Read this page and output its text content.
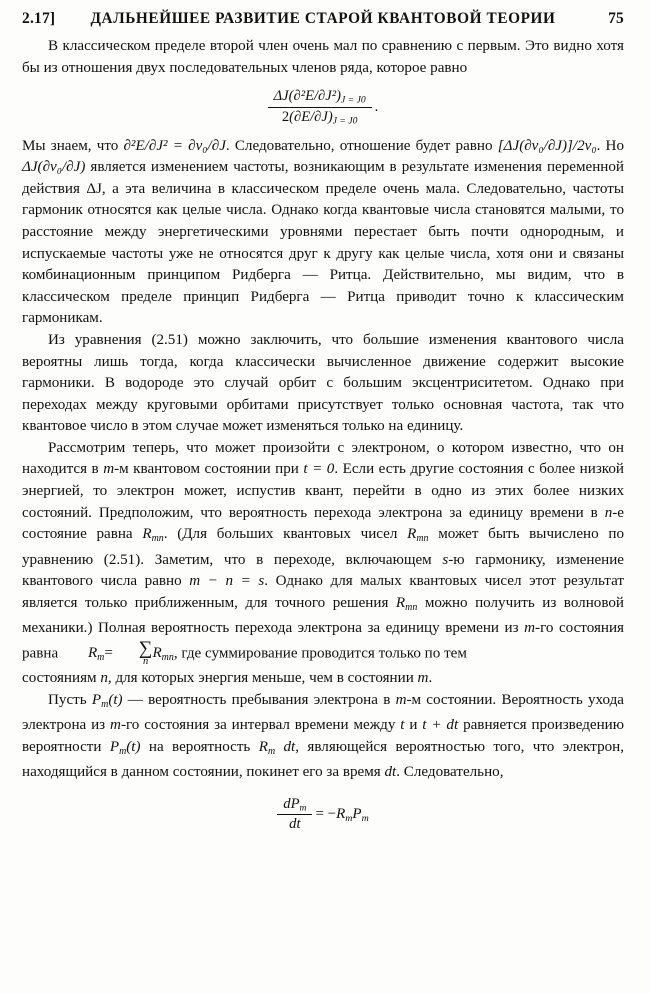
2.17]	ДАЛЬНЕЙШЕЕ РАЗВИТИЕ СТАРОЙ КВАНТОВОЙ ТЕОРИИ	75

В классическом пределе второй член очень мал по сравнению с первым. Это видно хотя бы из отношения двух последовательных членов ряда, которое равно

$\frac{\Delta J(\partial^2E/\partial J^2)_{J = J0}}{2(\partial E/\partial J)_{J = J0}}$ .

Мы знаем, что ∂²E/∂J² = ∂ν₀/∂J. Следовательно, отношение будет равно [ΔJ(∂ν₀/∂J)]/2ν₀. Но ΔJ(∂ν₀/∂J) является изменением частоты, возникающим в результате изменения переменной действия ΔJ, а эта величина в классическом пределе очень мала. Следовательно, частоты гармоник относятся как целые числа. Однако когда квантовые числа становятся малыми, то расстояние между энергетическими уровнями перестает быть почти однородным, и испускаемые частоты уже не относятся друг к другу как целые числа, хотя они и связаны комбинационным принципом Ридберга — Ритца. Действительно, мы видим, что в классическом пределе принцип Ридберга — Ритца приводит точно к классическим гармоникам.

Из уравнения (2.51) можно заключить, что большие изменения квантового числа вероятны лишь тогда, когда классически вычисленное движение содержит высокие гармоники. В водороде это случай орбит с большим эксцентриситетом. Однако при переходах между круговыми орбитами присутствует только основная частота, так что квантовое число в этом случае может изменяться только на единицу.

Рассмотрим теперь, что может произойти с электроном, о котором известно, что он находится в m-м квантовом состоянии при t = 0. Если есть другие состояния с более низкой энергией, то электрон может, испустив квант, перейти в одно из этих более низких состояний. Предположим, что вероятность перехода электрона за единицу времени в n-е состояние равна $R_{mn}$. (Для больших квантовых чисел $R_{mn}$ может быть вычислено по уравнению (2.51). Заметим, что в переходе, включающем s-ю гармонику, изменение квантового числа равно m − n = s. Однако для малых квантовых чисел этот результат является только приближенным, для точного решения $R_{mn}$ можно получить из волновой механики.) Полная вероятность перехода электрона за единицу времени из m-го состояния равна $R_m=$	∑
n
$R_{mn}$, где суммирование проводится только по тем

состояниям n, для которых энергия меньше, чем в состоянии m.

Пусть $P_m(t)$ — вероятность пребывания электрона в m-м состоянии. Вероятность ухода электрона из m-го состояния за интервал времени между t и t + dt равняется произведению вероятности $P_m(t)$ на вероятность $R_m$ dt, являющейся вероятностью того, что электрон, находящийся в данном состоянии, покинет его за время dt. Следовательно,

$\frac{dP_m}{dt} = -R_mP_m$
